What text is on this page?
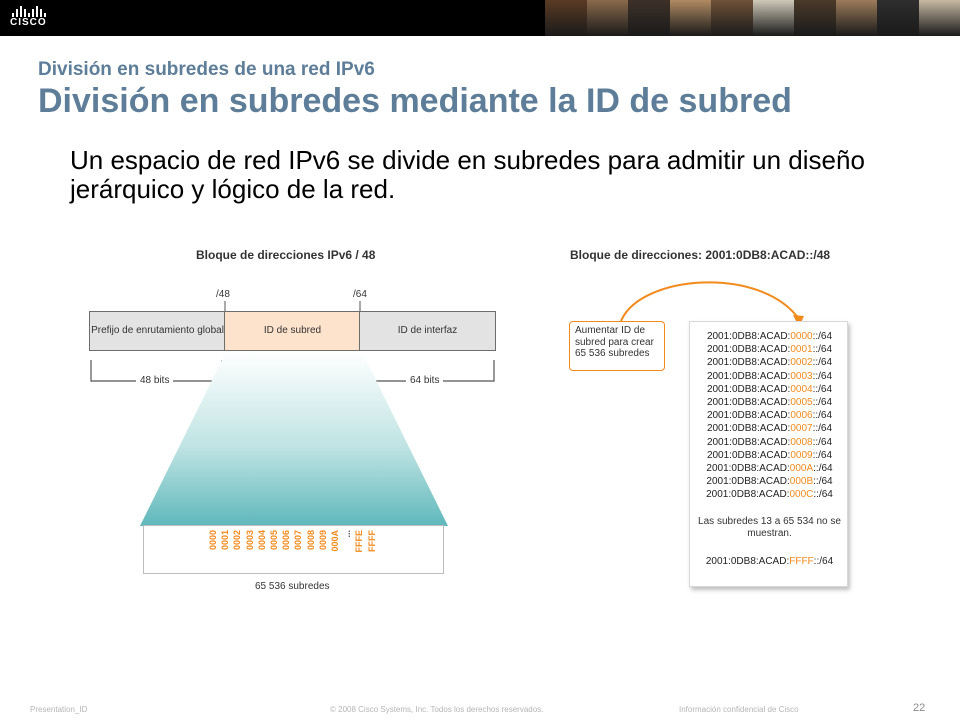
CISCO
División en subredes de una red IPv6
División en subredes mediante la ID de subred
Un espacio de red IPv6 se divide en subredes para admitir un diseño jerárquico y lógico de la red.
Bloque de direcciones IPv6 / 48
/48	/64
Prefijo de enrutamiento global	ID de subred	ID de interfaz
48 bits	64 bits
0000 0001 0002 0003 0004 0005 0006 0007 0008 0009 000A ... FFFE FFFF
65 536 subredes
Bloque de direcciones: 2001:0DB8:ACAD::/48
Aumentar ID de subred para crear 65 536 subredes
Las subredes 13 a 65 534 no se muestran.
2001:0DB8:ACAD:FFFF::/64
2001:0DB8:ACAD:0000::/64
2001:0DB8:ACAD:0001::/64
2001:0DB8:ACAD:0002::/64
2001:0DB8:ACAD:0003::/64
2001:0DB8:ACAD:0004::/64
2001:0DB8:ACAD:0005::/64
2001:0DB8:ACAD:0006::/64
2001:0DB8:ACAD:0007::/64
2001:0DB8:ACAD:0008::/64
2001:0DB8:ACAD:0009::/64
2001:0DB8:ACAD:000A::/64
2001:0DB8:ACAD:000B::/64
2001:0DB8:ACAD:000C::/64
Presentation_ID	© 2008 Cisco Systems, Inc. Todos los derechos reservados.	Información confidencial de Cisco	22
